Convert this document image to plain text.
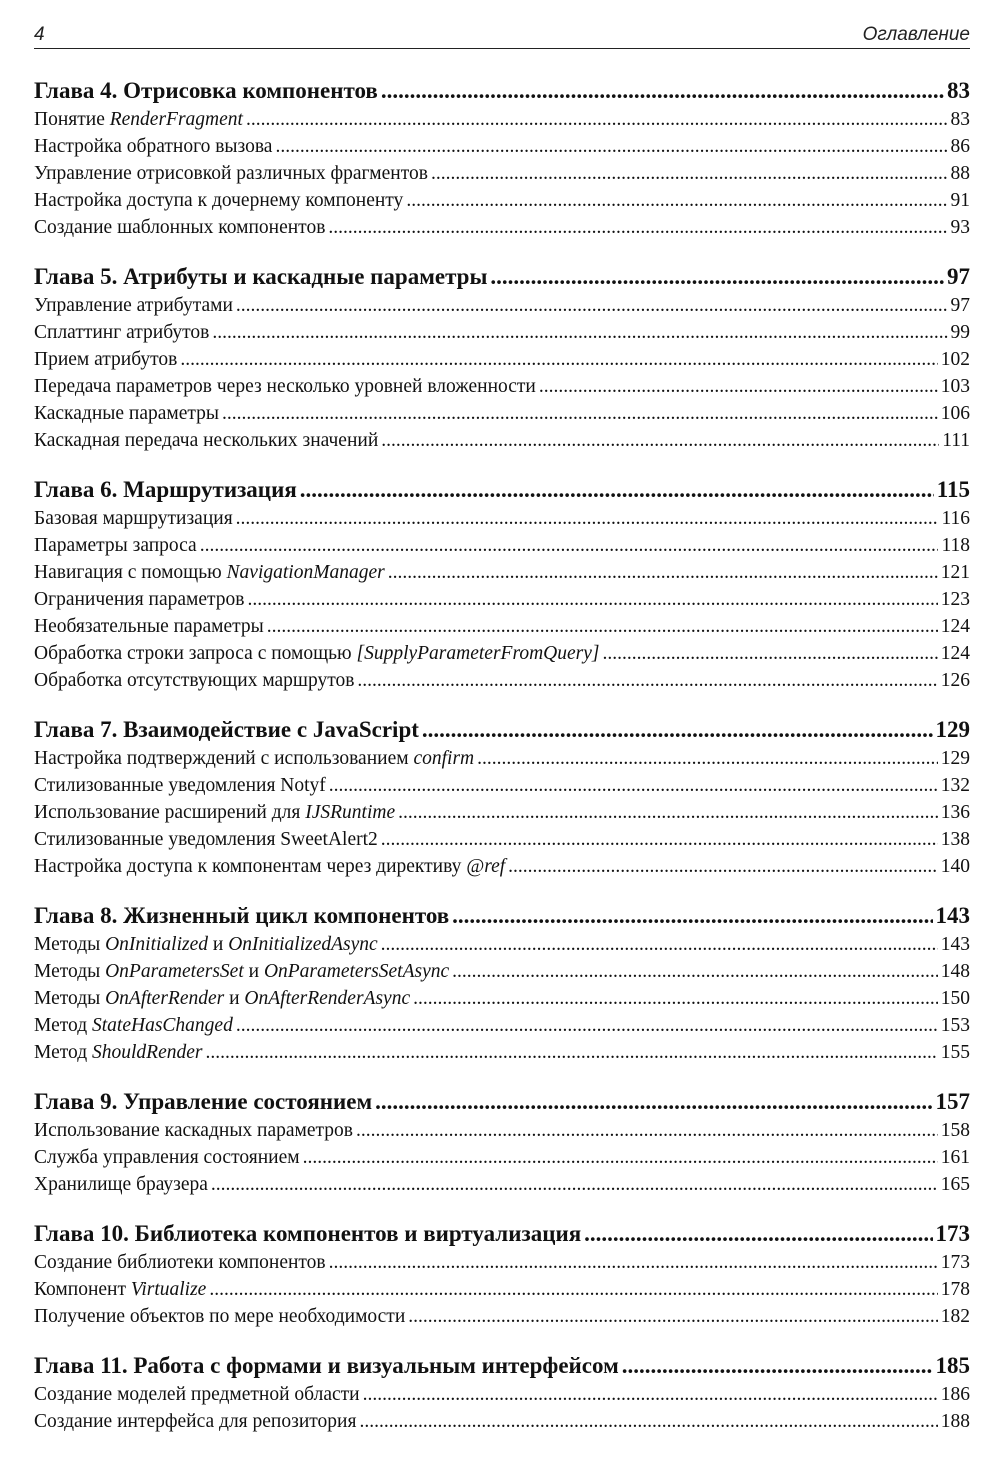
4	Оглавление
Глава 4. Отрисовка компонентов .....	83
Понятие RenderFragment .....	83
Настройка обратного вызова .....	86
Управление отрисовкой различных фрагментов .....	88
Настройка доступа к дочернему компоненту .....	91
Создание шаблонных компонентов .....	93
Глава 5. Атрибуты и каскадные параметры .....	97
Управление атрибутами .....	97
Сплаттинг атрибутов .....	99
Прием атрибутов .....	102
Передача параметров через несколько уровней вложенности .....	103
Каскадные параметры .....	106
Каскадная передача нескольких значений .....	111
Глава 6. Маршрутизация .....	115
Базовая маршрутизация .....	116
Параметры запроса .....	118
Навигация с помощью NavigationManager .....	121
Ограничения параметров .....	123
Необязательные параметры .....	124
Обработка строки запроса с помощью [SupplyParameterFromQuery] .....	124
Обработка отсутствующих маршрутов .....	126
Глава 7. Взаимодействие с JavaScript .....	129
Настройка подтверждений с использованием confirm .....	129
Стилизованные уведомления Notyf .....	132
Использование расширений для IJSRuntime .....	136
Стилизованные уведомления SweetAlert2 .....	138
Настройка доступа к компонентам через директиву @ref .....	140
Глава 8. Жизненный цикл компонентов .....	143
Методы OnInitialized и OnInitializedAsync .....	143
Методы OnParametersSet и OnParametersSetAsync .....	148
Методы OnAfterRender и OnAfterRenderAsync .....	150
Метод StateHasChanged .....	153
Метод ShouldRender .....	155
Глава 9. Управление состоянием .....	157
Использование каскадных параметров .....	158
Служба управления состоянием .....	161
Хранилище браузера .....	165
Глава 10. Библиотека компонентов и виртуализация .....	173
Создание библиотеки компонентов .....	173
Компонент Virtualize .....	178
Получение объектов по мере необходимости .....	182
Глава 11. Работа с формами и визуальным интерфейсом .....	185
Создание моделей предметной области .....	186
Создание интерфейса для репозитория .....	188
